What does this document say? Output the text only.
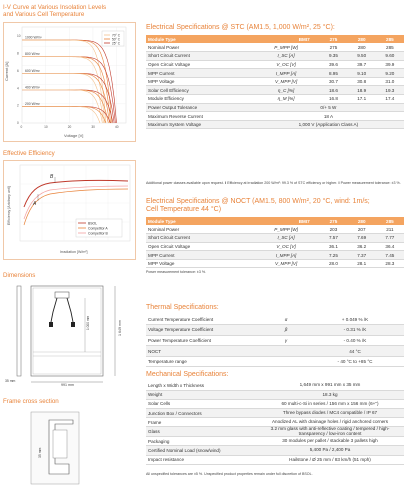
I-V Curve at Various Insolation Levels
and Various Cell Temperature
1000 W/m²
800 W/m²
600 W/m²
400 W/m²
200 W/m²
0
2
4
6
8
10
0	10	20	30	40
Current [A]
Voltage [V]
70° C
50° C
25° C
Effective Efficiency
B
A
BSOL
Competitor A
Competitor B
Efficiency [Arbitrary unit]
Irradiation [W/m²]
Dimensions
1 649 mm
1 000 mm
991 mm
35 mm
Frame cross section
35 mm
Electrical Specifications @ STC (AM1.5, 1,000 W/m², 25 °C):
Module Type		BMI7	275	280	285
Nominal Power	P_MPP [W]		275	280	285
Short Circuit Current	I_SC [A]		9.35	9.50	9.60
Open Circuit Voltage	V_OC [V]		39.6	39.7	39.9
MPP Current	I_MPP [A]		8.95	9.10	9.20
MPP Voltage	V_MPP [V]		30.7	30.8	31.0
Solar Cell Efficiency	η_C [%]		18.6	18.9	19.3
Module Efficiency	η_M [%]		16.8	17.1	17.4
Power Output Tolerance	0/+ 5 W				
Maximum Reverse Current	18 A				
Maximum System Voltage	1,000 V (Application Class A)				
Additional power classes available upon request. ‖ Efficiency at irradiation 200 W/m²: 99.3 % of STC efficiency or higher. ‖ Power measurement tolerance: ±3 %.
Electrical Specifications @ NOCT (AM1.5, 800 W/m², 20 °C, wind: 1m/s;
Cell Temperature 44 °C)
Module Type		BMI7	275	280	285
Nominal Power	P_MPP [W]		203	207	211
Short Circuit Current	I_SC [A]		7.57	7.69	7.77
Open Circuit Voltage	V_OC [V]		36.1	36.2	36.4
MPP Current	I_MPP [A]		7.25	7.37	7.45
MPP Voltage	V_MPP [V]		28.0	28.1	28.3
Power measurement tolerance: ±3 %.
Thermal Specifications:
Current Temperature Coefficient	α	+ 0.049 % /K
Voltage Temperature Coefficient	β	- 0.31 % /K
Power Temperature Coefficient	γ	- 0.40 % /K
NOCT		44 °C
Temperature range		- 40 °C to +85 °C
Mechanical Specifications:
Length x Width x Thickness	1,649 mm x 991 mm x 35 mm
Weight	18.3 kg
Solar Cells	60 multi-c-Si in series / 156 mm x 156 mm (6+")
Junction Box / Connectors	Three bypass diodes / MC4 compatible / IP 67
Frame	Anodized AL with drainage holes / rigid anchored corners
Glass	3.2 mm glass with anti-reflective coating / tempered / high-transparency / low-iron content
Packaging	30 modules per pallet / stackable 3 pallets high
Certified Nominal Load (snow/wind)	5,400 Pa / 2,400 Pa
Impact resistance	Hailstone / Ø 25 mm / 83 km/h (51 mph)
All unspecified tolerances are ±5 %. Unspecified product properties remain under full discretion of BSOL.
